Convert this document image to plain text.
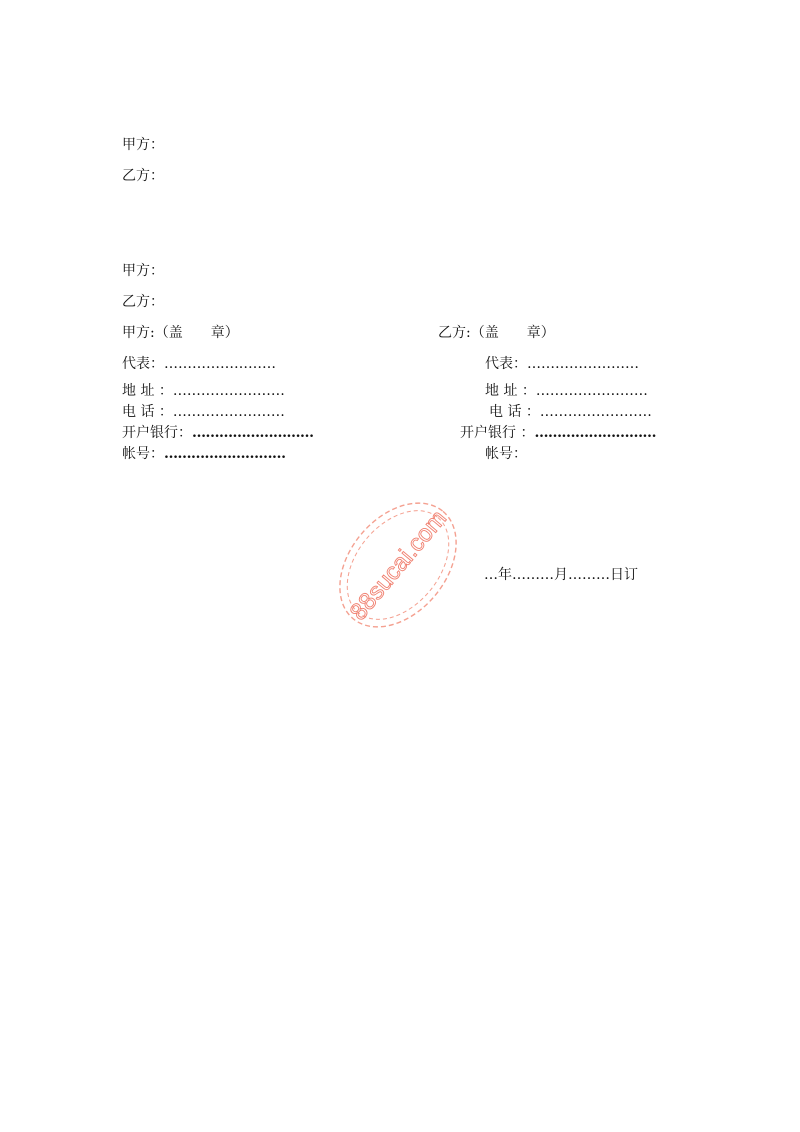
甲方：
乙方：
甲方：
乙方：
甲方:（盖　　章）
代表：……………………
地 址 ：……………………
电 话 ：……………………
开户银行：………………………
帐号：………………………
乙方:（盖　　章）
代表：……………………
地 址 ：……………………
电 话 ：……………………
开户银行 ：………………………
帐号：
…年………月………日订
88sucai.com
